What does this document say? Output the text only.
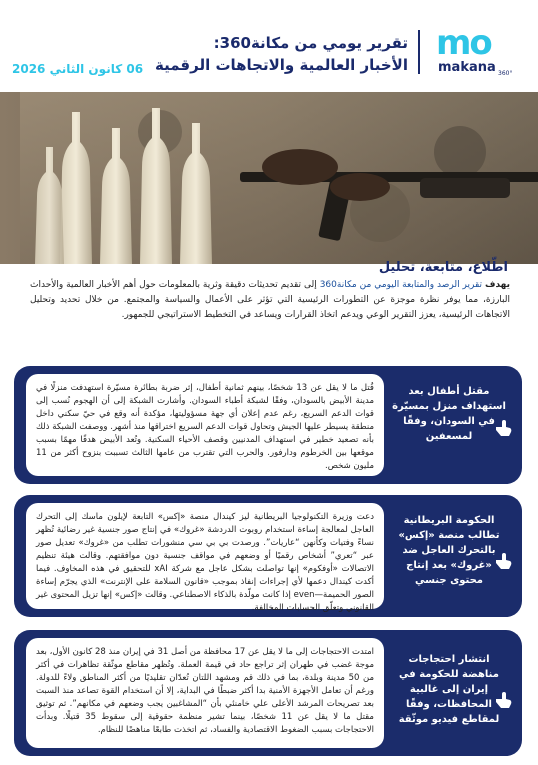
mo
makana 360°
تقرير يومي من مكانة360:
الأخبار العالمية والاتجاهات الرقمية
06 كانون الثاني 2026
اطّلاع، متابعة، تحليل
يهدف تقرير الرصد والمتابعة اليومي من مكانة360 إلى تقديم تحديثات دقيقة وثرية بالمعلومات حول أهم الأخبار العالمية والأحداث البارزة، مما يوفر نظرة موجزة عن التطورات الرئيسية التي تؤثر على الأعمال والسياسة والمجتمع. من خلال تحديد وتحليل الاتجاهات الرئيسية، يعزز التقرير الوعي ويدعم اتخاذ القرارات ويساعد في التخطيط الاستراتيجي للجمهور.
قُتل ما لا يقل عن 13 شخصًا، بينهم ثمانية أطفال، إثر ضربة بطائرة مسيّرة استهدفت منزلًا في مدينة الأبيض بالسودان، وفقًا لشبكة أطباء السودان. وأشارت الشبكة إلى أن الهجوم نُسب إلى قوات الدعم السريع، رغم عدم إعلان أي جهة مسؤوليتها، مؤكدة أنه وقع في حيّ سكني داخل منطقة يسيطر عليها الجيش وتحاول قوات الدعم السريع اختراقها منذ أشهر. ووصفت الشبكة ذلك بأنه تصعيد خطير في استهداف المدنيين وقصف الأحياء السكنية. وتُعد الأبيض هدفًا مهمًا بسبب موقعها بين الخرطوم ودارفور. والحرب التي تقترب من عامها الثالث تسببت بنزوح أكثر من 11 مليون شخص.
مقتل أطفال بعد استهداف منزل بمسيّرة في السودان، وفقًا لمسعفين
دعت وزيرة التكنولوجيا البريطانية ليز كيندال منصة «إكس» التابعة لإيلون ماسك إلى التحرك العاجل لمعالجة إساءة استخدام روبوت الدردشة «غروك» في إنتاج صور جنسية غير رضائية تُظهر نساءً وفتيات وكأنهن “عاريات”. ورصدت بي بي سي منشورات تطلب من «غروك» تعديل صور عبر “تعري” أشخاص رقميًا أو وضعهم في مواقف جنسية دون موافقتهم. وقالت هيئة تنظيم الاتصالات «أوفكوم» إنها تواصلت بشكل عاجل مع شركة xAI للتحقيق في هذه المخاوف. فيما أكدت كيندال دعمها لأي إجراءات إنفاذ بموجب «قانون السلامة على الإنترنت» الذي يجرّم إساءة الصور الحميمة—even إذا كانت مولّدة بالذكاء الاصطناعي. وقالت «إكس» إنها تزيل المحتوى غير القانوني وتعلّق الحسابات المخالفة.
الحكومة البريطانية تطالب منصة «إكس» بالتحرك العاجل ضد «غروك» بعد إنتاج محتوى جنسي
امتدت الاحتجاجات إلى ما لا يقل عن 17 محافظة من أصل 31 في إيران منذ 28 كانون الأول، بعد موجة غضب في طهران إثر تراجع حاد في قيمة العملة. وتُظهر مقاطع موثّقة تظاهرات في أكثر من 50 مدينة وبلدة، بما في ذلك قم ومشهد اللتان تُعدّان تقليديًا من أكثر المناطق ولاءً للدولة. ورغم أن تعامل الأجهزة الأمنية بدا أكثر ضبطًا في البداية، إلا أن استخدام القوة تصاعد منذ السبت بعد تصريحات المرشد الأعلى علي خامنئي بأن “المشاغبين يجب وضعهم في مكانهم”. ثم توثيق مقتل ما لا يقل عن 11 شخصًا، بينما تشير منظمة حقوقية إلى سقوط 35 قتيلًا. وبدأت الاحتجاجات بسبب الضغوط الاقتصادية والفساد، ثم اتخذت طابعًا مناهضًا للنظام.
انتشار احتجاجات مناهضة للحكومة في إيران إلى غالبية المحافظات، وفقًا لمقاطع فيديو موثّقة
